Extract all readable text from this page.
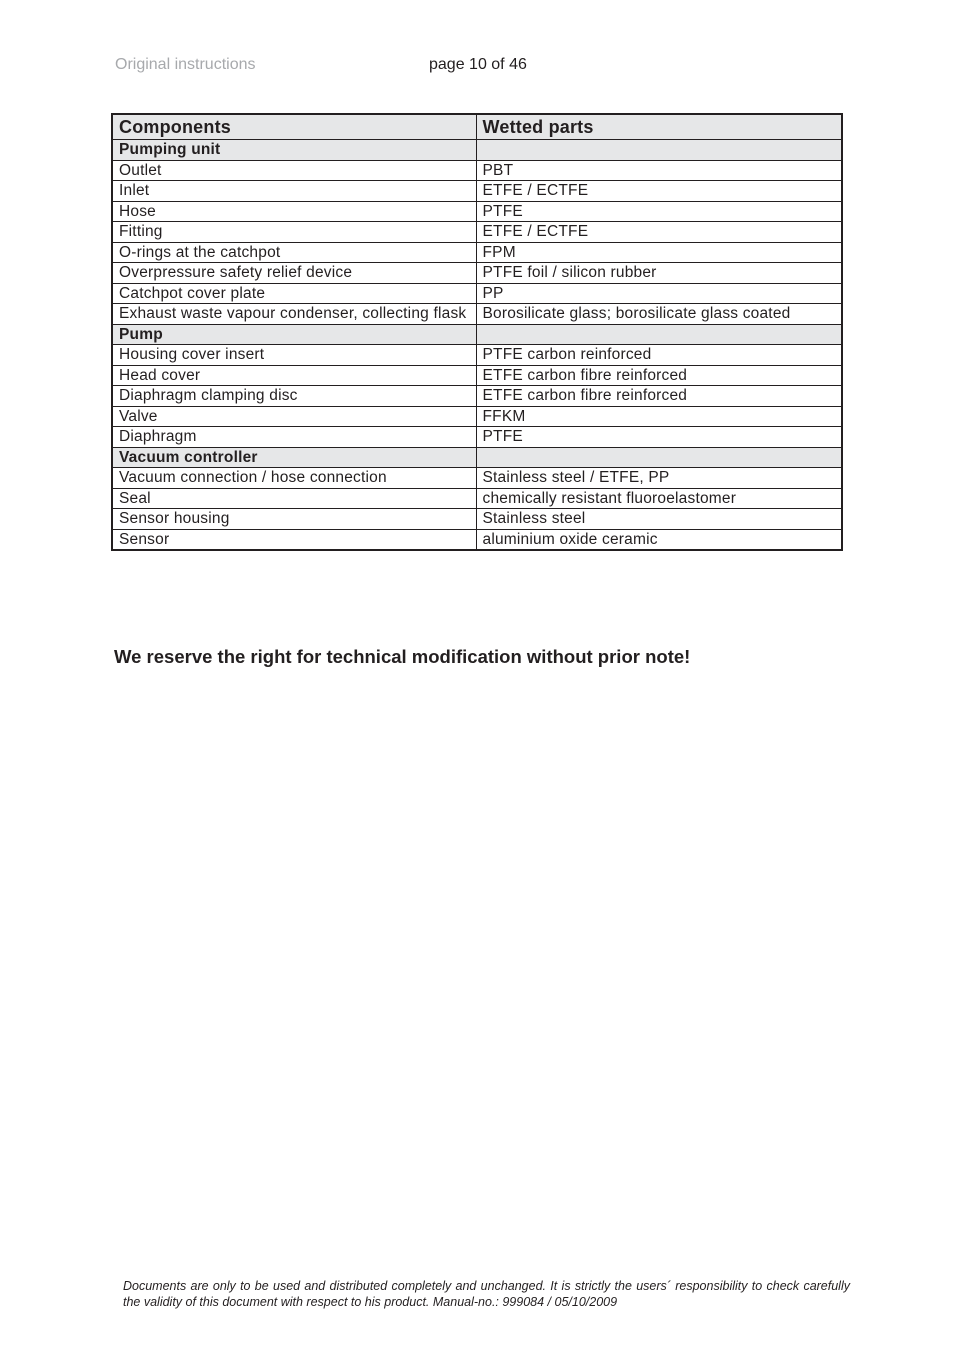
Original instructions	page 10 of 46
Components	Wetted parts
Pumping unit	
Outlet	PBT
Inlet	ETFE / ECTFE
Hose	PTFE
Fitting	ETFE / ECTFE
O-rings at the catchpot	FPM
Overpressure safety relief device	PTFE foil / silicon rubber
Catchpot cover plate	PP
Exhaust waste vapour condenser, collecting flask	Borosilicate glass; borosilicate glass coated
Pump	
Housing cover insert	PTFE carbon reinforced
Head cover	ETFE carbon fibre reinforced
Diaphragm clamping disc	ETFE carbon fibre reinforced
Valve	FFKM
Diaphragm	PTFE
Vacuum controller	
Vacuum connection / hose connection	Stainless steel / ETFE, PP
Seal	chemically resistant fluoroelastomer
Sensor housing	Stainless steel
Sensor	aluminium oxide ceramic
We reserve the right for technical modification without prior note!
Documents are only to be used and distributed completely and unchanged. It is strictly the users´ responsibility to check carefully the validity of this document with respect to his product. Manual-no.: 999084 / 05/10/2009
